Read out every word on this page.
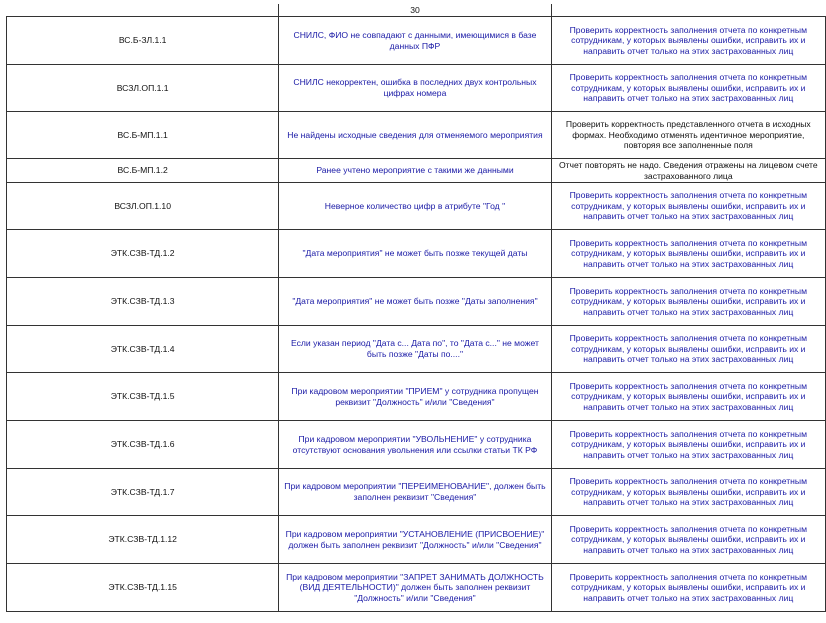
	30	
ВС.Б-ЗЛ.1.1	СНИЛС, ФИО не совпадают с данными, имеющимися в базе данных ПФР	Проверить корректность заполнения отчета по конкретным сотрудникам, у которых выявлены ошибки, исправить их и направить отчет только на этих застрахованных лиц
ВСЗЛ.ОП.1.1	СНИЛС некорректен, ошибка в последних двух контрольных цифрах номера	Проверить корректность заполнения отчета по конкретным сотрудникам, у которых выявлены ошибки, исправить их и направить отчет только на этих застрахованных лиц
ВС.Б-МП.1.1	Не найдены исходные сведения для отменяемого мероприятия	Проверить корректность представленного отчета в исходных формах. Необходимо отменять идентичное мероприятие, повторяя все заполненные поля
ВС.Б-МП.1.2	Ранее учтено мероприятие с такими же данными	Отчет повторять не надо. Сведения отражены на лицевом счете застрахованного лица
ВСЗЛ.ОП.1.10	Неверное количество цифр в атрибуте "Год "	Проверить корректность заполнения отчета по конкретным сотрудникам, у которых выявлены ошибки, исправить их и направить отчет только на этих застрахованных лиц
ЭТК.СЗВ-ТД.1.2	"Дата мероприятия" не может быть позже текущей даты	Проверить корректность заполнения отчета по конкретным сотрудникам, у которых выявлены ошибки, исправить их и направить отчет только на этих застрахованных лиц
ЭТК.СЗВ-ТД.1.3	"Дата мероприятия" не может быть позже "Даты заполнения"	Проверить корректность заполнения отчета по конкретным сотрудникам, у которых выявлены ошибки, исправить их и направить отчет только на этих застрахованных лиц
ЭТК.СЗВ-ТД.1.4	Если указан период "Дата с... Дата по", то "Дата с..." не может быть позже "Даты по...."	Проверить корректность заполнения отчета по конкретным сотрудникам, у которых выявлены ошибки, исправить их и направить отчет только на этих застрахованных лиц
ЭТК.СЗВ-ТД.1.5	При кадровом мероприятии "ПРИЕМ" у сотрудника пропущен реквизит "Должность" и/или "Сведения"	Проверить корректность заполнения отчета по конкретным сотрудникам, у которых выявлены ошибки, исправить их и направить отчет только на этих застрахованных лиц
ЭТК.СЗВ-ТД.1.6	При кадровом мероприятии "УВОЛЬНЕНИЕ" у сотрудника отсутствуют основания увольнения или ссылки статьи ТК РФ	Проверить корректность заполнения отчета по конкретным сотрудникам, у которых выявлены ошибки, исправить их и направить отчет только на этих застрахованных лиц
ЭТК.СЗВ-ТД.1.7	При кадровом мероприятии "ПЕРЕИМЕНОВАНИЕ", должен быть заполнен реквизит "Сведения"	Проверить корректность заполнения отчета по конкретным сотрудникам, у которых выявлены ошибки, исправить их и направить отчет только на этих застрахованных лиц
ЭТК.СЗВ-ТД.1.12	При кадровом мероприятии "УСТАНОВЛЕНИЕ (ПРИСВОЕНИЕ)" должен быть заполнен реквизит "Должность" и/или "Сведения"	Проверить корректность заполнения отчета по конкретным сотрудникам, у которых выявлены ошибки, исправить их и направить отчет только на этих застрахованных лиц
ЭТК.СЗВ-ТД.1.15	При кадровом мероприятии "ЗАПРЕТ ЗАНИМАТЬ ДОЛЖНОСТЬ (ВИД ДЕЯТЕЛЬНОСТИ)" должен быть заполнен реквизит "Должность" и/или "Сведения"	Проверить корректность заполнения отчета по конкретным сотрудникам, у которых выявлены ошибки, исправить их и направить отчет только на этих застрахованных лиц
